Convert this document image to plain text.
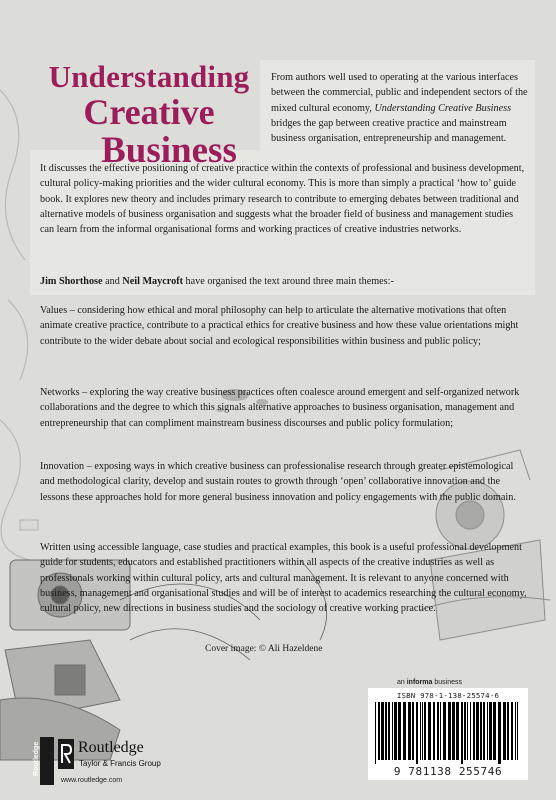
Understanding
Creative
Business

From authors well used to operating at the various interfaces between the commercial, public and independent sectors of the mixed cultural economy, Understanding Creative Business bridges the gap between creative practice and mainstream business organisation, entrepreneurship and management.

It discusses the effective positioning of creative practice within the contexts of professional and business development, cultural policy-making priorities and the wider cultural economy. This is more than simply a practical ‘how to’ guide book. It explores new theory and includes primary research to contribute to emerging debates between traditional and alternative models of business organisation and suggests what the broader field of business and management studies can learn from the informal organisational forms and working practices of creative industries networks.

Jim Shorthose and Neil Maycroft have organised the text around three main themes:-

Values – considering how ethical and moral philosophy can help to articulate the alternative motivations that often animate creative practice, contribute to a practical ethics for creative business and how these value orientations might contribute to the wider debate about social and ecological responsibilities within business and public policy;

Networks – exploring the way creative business practices often coalesce around emergent and self-organized network collaborations and the degree to which this signals alternative approaches to business organisation, management and entrepreneurship that can compliment mainstream business discourses and public policy formulation;

Innovation – exposing ways in which creative business can professionalise research through greater epistemological and methodological clarity, develop and sustain routes to growth through ‘open’ collaborative innovation and the lessons these approaches hold for more general business innovation and policy engagements with the public domain.

Written using accessible language, case studies and practical examples, this book is a useful professional development guide for students, educators and established practitioners within all aspects of the creative industries as well as professionals working within cultural policy, arts and cultural management. It is relevant to anyone concerned with business, management and organisational studies and will be of interest to academics researching the cultural economy, cultural policy, new directions in business studies and the sociology of creative working practice.

Cover image: © Ali Hazeldene

an informa business
ISBN 978-1-138-25574-6
9 781138 255746
Routledge Routledge
Taylor & Francis Group
www.routledge.com
